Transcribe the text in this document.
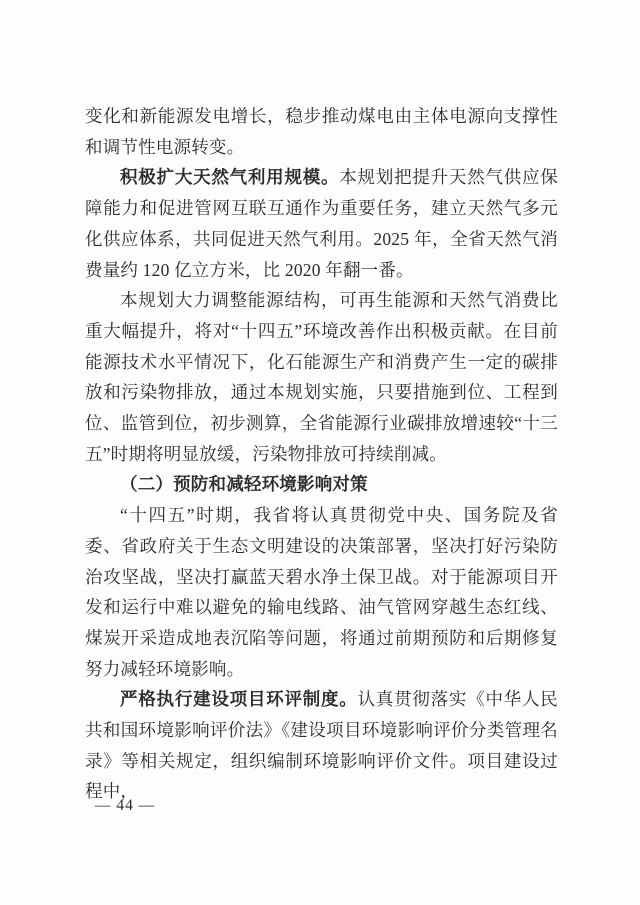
变化和新能源发电增长，稳步推动煤电由主体电源向支撑性和调节性电源转变。

积极扩大天然气利用规模。本规划把提升天然气供应保障能力和促进管网互联互通作为重要任务，建立天然气多元化供应体系，共同促进天然气利用。2025 年，全省天然气消费量约 120 亿立方米，比 2020 年翻一番。

本规划大力调整能源结构，可再生能源和天然气消费比重大幅提升，将对“十四五”环境改善作出积极贡献。在目前能源技术水平情况下，化石能源生产和消费产生一定的碳排放和污染物排放，通过本规划实施，只要措施到位、工程到位、监管到位，初步测算，全省能源行业碳排放增速较“十三五”时期将明显放缓，污染物排放可持续削减。

（二）预防和减轻环境影响对策

“十四五”时期，我省将认真贯彻党中央、国务院及省委、省政府关于生态文明建设的决策部署，坚决打好污染防治攻坚战，坚决打赢蓝天碧水净土保卫战。对于能源项目开发和运行中难以避免的输电线路、油气管网穿越生态红线、煤炭开采造成地表沉陷等问题，将通过前期预防和后期修复努力减轻环境影响。

严格执行建设项目环评制度。认真贯彻落实《中华人民共和国环境影响评价法》《建设项目环境影响评价分类管理名录》等相关规定，组织编制环境影响评价文件。项目建设过程中，

— 44 —
